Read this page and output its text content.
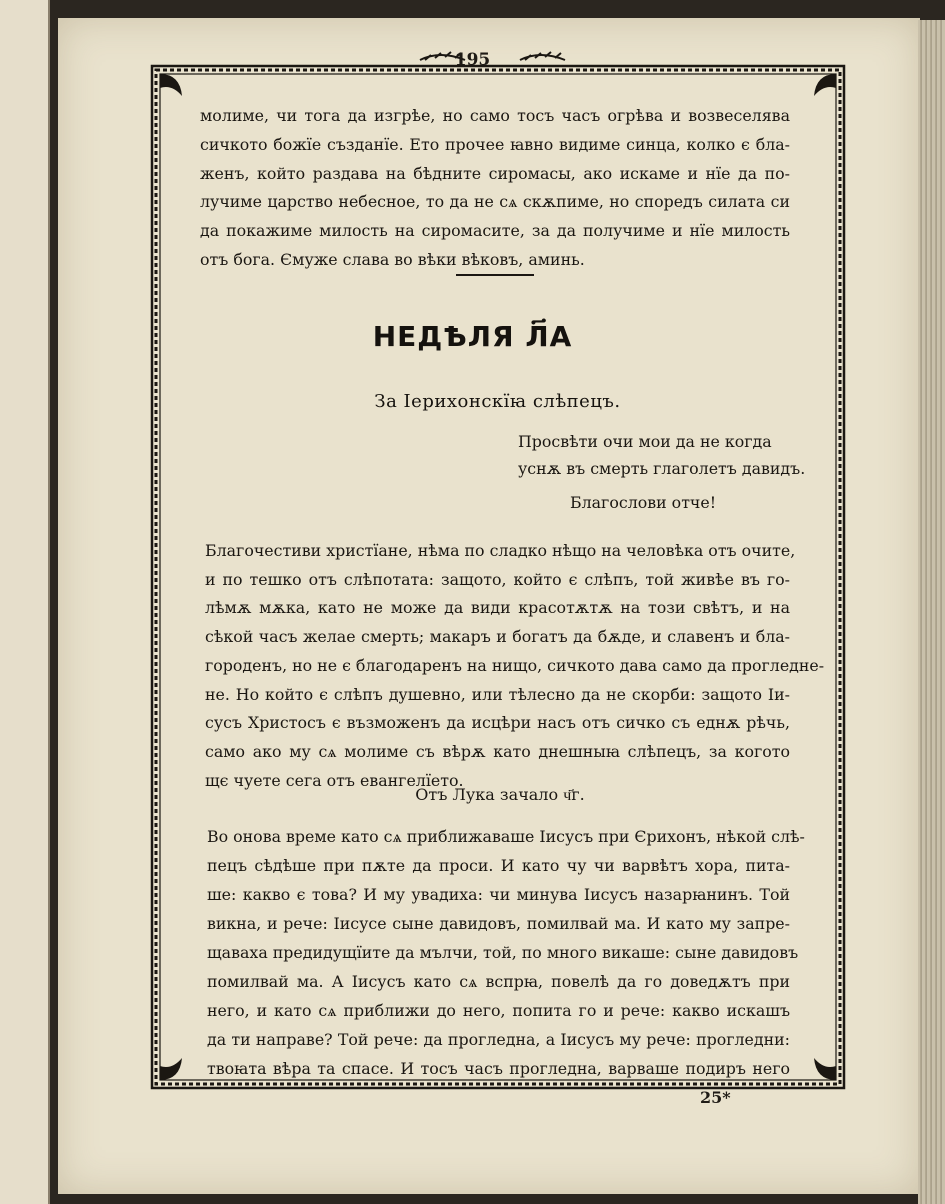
195
молиме, чи тога да изгрѣе, но само тосъ часъ огрѣва и возвеселява
сичкото божїе създанїе. Ето прочее ꙗвно видиме синца, колко є бла-
женъ, който раздава на бѣдните сиромасы, ако искаме и нїе да по-
лучиме царство небесное, то да не сѧ скѫпиме, но споредъ силата си
да покажиме милость на сиромасите, за да получиме и нїе милость
отъ бога. Ємуже слава во вѣки вѣковъ, аминь.
НЕДѢЛЯ Л҃А
За Ιерихонскїꙗ слѣпецъ.
Просвѣти очи мои да не когда
уснѫ въ смерть глаголетъ давидъ.
Благослови отче!
Благочестиви христїане, нѣма по сладко нѣщо на человѣка отъ очите,
и по тешко отъ слѣпотата: защото, който є слѣпъ, той живѣе въ го-
лѣмѫ мѫка, като не може да види красотѫтѫ на този свѣтъ, и на
сѣкой часъ желае смерть; макаръ и богатъ да бѫде, и славенъ и бла-
городенъ, но не є благодаренъ на нищо, сичкото дава само да прогледнe-
не. Но който є слѣпъ душевно, или тѣлесно да не скорби: защото Ιи-
сусъ Христосъ є възможенъ да исцѣри насъ отъ сичко съ еднѫ рѣчь,
само ако му сѧ молиме съ вѣрѫ като днешныꙗ слѣпецъ, за когото
щє чуете сега отъ евангелїето.
Отъ Лука зачало ч҃г.
Во онова време като сѧ приближаваше Ιисусъ при Єрихонъ, нѣкой слѣ-
пецъ сѣдѣше при пѫте да проси. И като чу чи варвѣтъ хора, пита-
ше: какво є това? И му увадиха: чи минува Ιисусъ назарꙗнинъ. Той
викна, и рече: Ιисусе сыне давидовъ, помилвай ма. И като му запре-
щаваха предидущїите да мълчи, той, по много викаше: сыне давидовъ
помилвай ма. А Ιисусъ като сѧ вспрꙗ, повелѣ да го доведѫтъ при
него, и като сѧ приближи до него, попита го и рече: какво искашъ
да ти направе? Той рече: да прогледна, а Ιисусъ му рече: прогледни:
твоꙗта вѣра та спасе. И тосъ часъ прогледна, варваше подиръ него
25*
